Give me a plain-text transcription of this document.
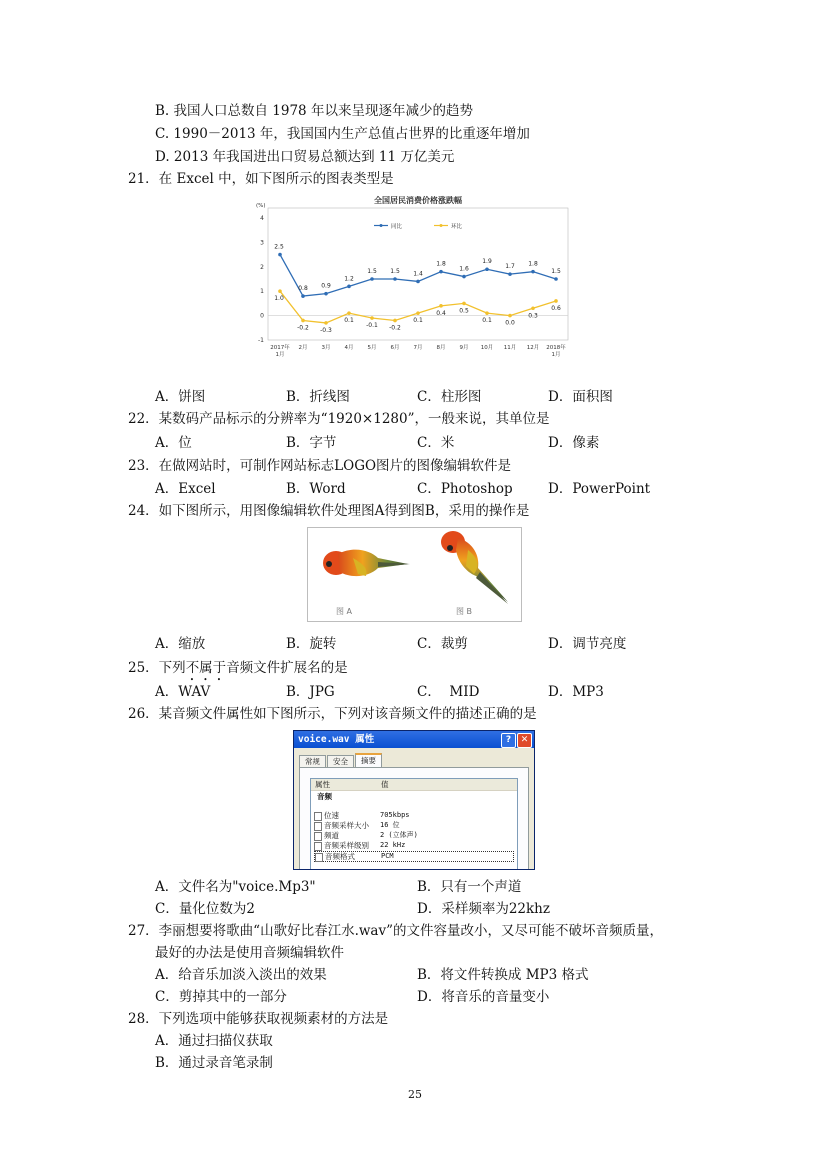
B. 我国人口总数自 1978 年以来呈现逐年减少的趋势
C. 1990－2013 年，我国国内生产总值占世界的比重逐年增加
D. 2013 年我国进出口贸易总额达到 11 万亿美元
21．在 Excel 中，如下图所示的图表类型是
全国居民消费价格涨跌幅
(%)
-1
0
1
2
3
4
同比	环比
2017年
1月
2月	3月	4月	5月	6月	7月	8月	9月 10月 11月 12月 2018年
1月
2.5
0.8 0.9
1.2
1.5 1.5 1.4
1.8
1.6
1.9
1.7 1.8
1.5
1.0
-0.2 -0.3
0.1
-0.1 -0.2
0.1
0.4 0.5
0.1 0.0
0.3
0.6
A．饼图	B．折线图	C．柱形图	D．面积图
22．某数码产品标示的分辨率为“1920×1280”，一般来说，其单位是
A．位	B．字节	C．米	D．像素
23．在做网站时，可制作网站标志LOGO图片的图像编辑软件是
A．Excel	B．Word	C．Photoshop	D．PowerPoint
24．如下图所示，用图像编辑软件处理图A得到图B，采用的操作是
图 A	图 B
A．缩放	B．旋转	C．裁剪	D．调节亮度
25．下列不属于音频文件扩展名的是
A．WAV	B．JPG	C．  MID	D．MP3
26．某音频文件属性如下图所示，下列对该音频文件的描述正确的是
voice.wav 属性	?	✕
常规	安全	摘要
属性	值
音频
位速	705kbps
音频采样大小 16 位
频道	2 (立体声)
音频采样级别 22 kHz
音频格式	PCM
A．文件名为"voice.Mp3"	B．只有一个声道
C．量化位数为2	D．采样频率为22khz
27．李丽想要将歌曲“山歌好比春江水.wav”的文件容量改小，又尽可能不破坏音频质量，
最好的办法是使用音频编辑软件
A．给音乐加淡入淡出的效果	B．将文件转换成 MP3 格式
C．剪掉其中的一部分	D．将音乐的音量变小
28．下列选项中能够获取视频素材的方法是
A．通过扫描仪获取
B．通过录音笔录制
25
